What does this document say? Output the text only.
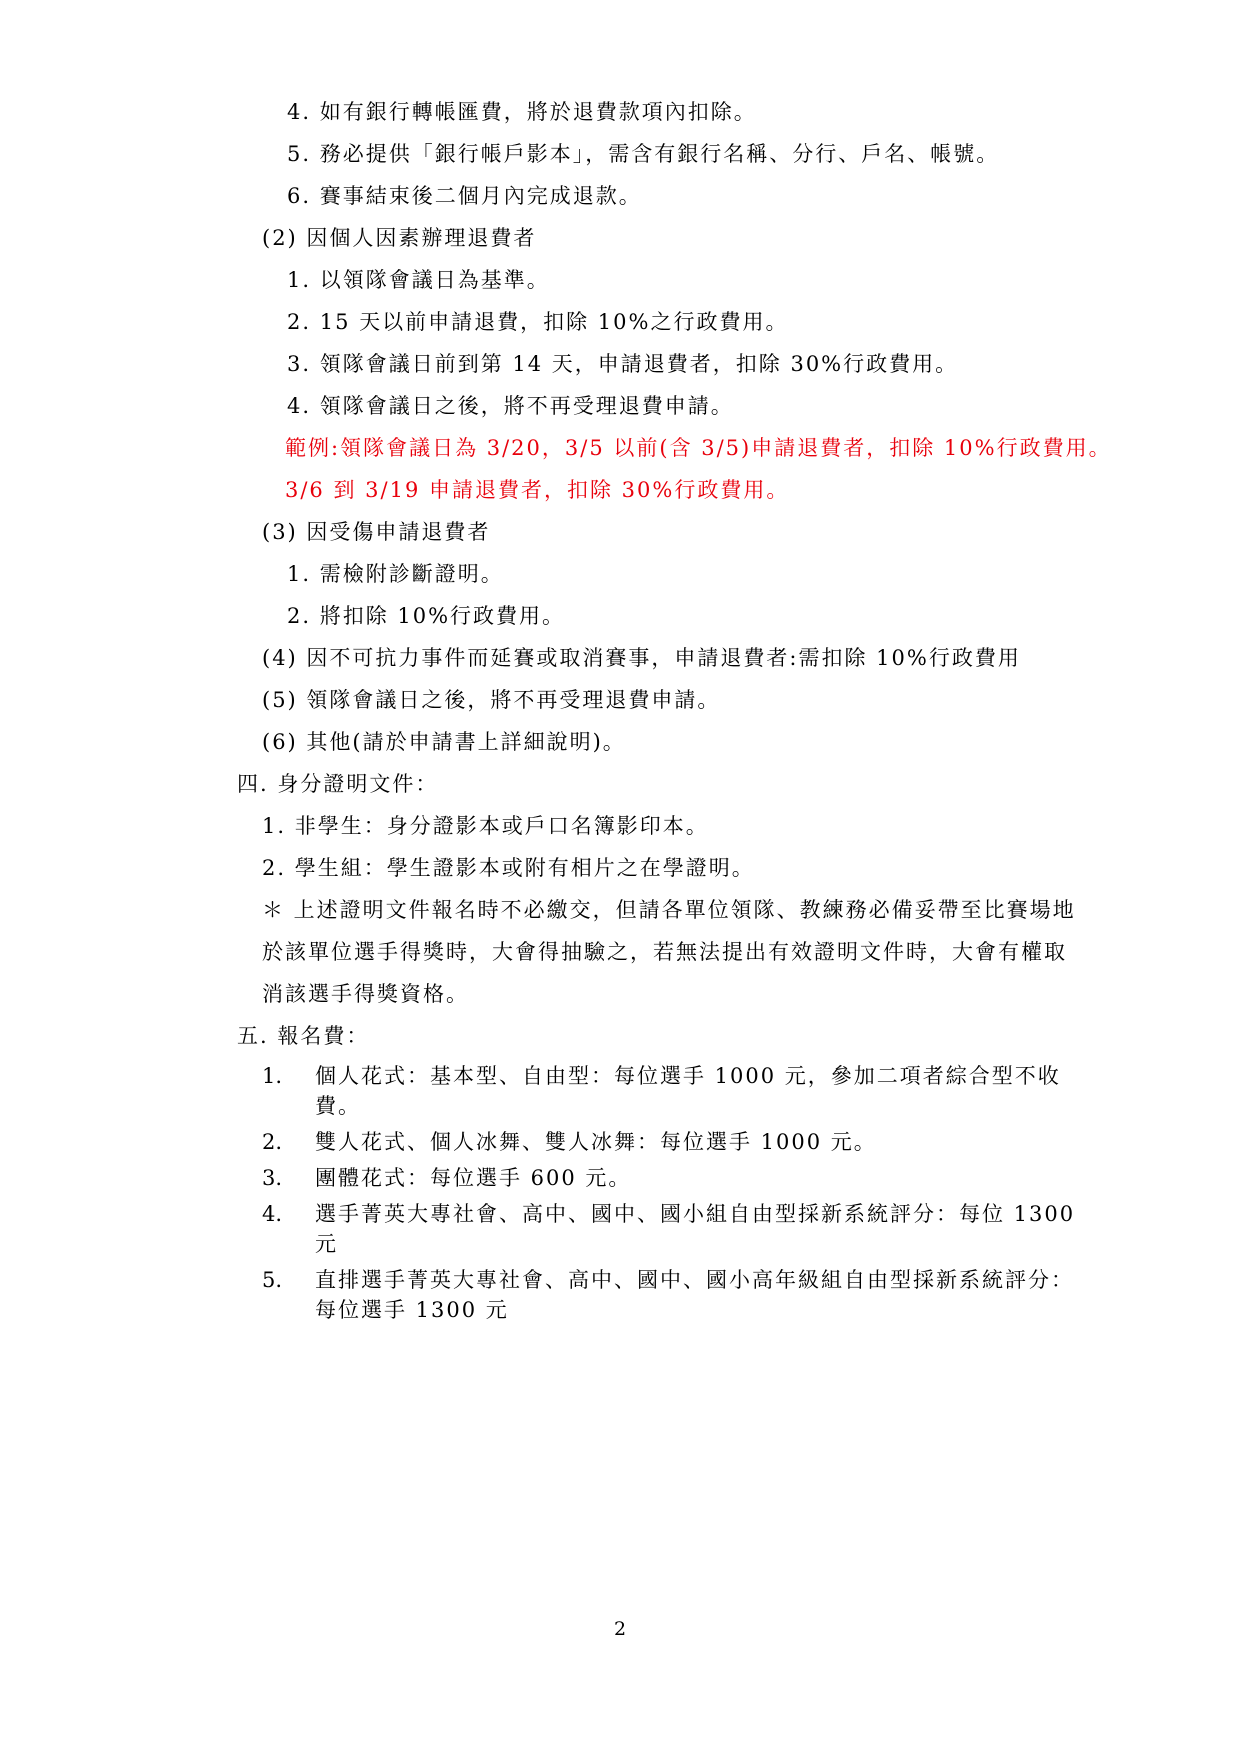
4. 如有銀行轉帳匯費，將於退費款項內扣除。
5. 務必提供「銀行帳戶影本」，需含有銀行名稱、分行、戶名、帳號。
6. 賽事結束後二個月內完成退款。
(2) 因個人因素辦理退費者
1. 以領隊會議日為基準。
2. 15 天以前申請退費，扣除 10%之行政費用。
3. 領隊會議日前到第 14 天，申請退費者，扣除 30%行政費用。
4. 領隊會議日之後，將不再受理退費申請。
範例:領隊會議日為 3/20，3/5 以前(含 3/5)申請退費者，扣除 10%行政費用。
3/6 到 3/19 申請退費者，扣除 30%行政費用。
(3) 因受傷申請退費者
1. 需檢附診斷證明。
2. 將扣除 10%行政費用。
(4) 因不可抗力事件而延賽或取消賽事，申請退費者:需扣除 10%行政費用
(5) 領隊會議日之後，將不再受理退費申請。
(6) 其他(請於申請書上詳細說明)。
四. 身分證明文件：
1. 非學生：身分證影本或戶口名簿影印本。
2. 學生組：學生證影本或附有相片之在學證明。
＊ 上述證明文件報名時不必繳交，但請各單位領隊、教練務必備妥帶至比賽場地
於該單位選手得獎時，大會得抽驗之，若無法提出有效證明文件時，大會有權取
消該選手得獎資格。
五. 報名費：
1. 個人花式：基本型、自由型：每位選手 1000 元，參加二項者綜合型不收
費。
2. 雙人花式、個人冰舞、雙人冰舞：每位選手 1000 元。
3. 團體花式：每位選手 600 元。
4. 選手菁英大專社會、高中、國中、國小組自由型採新系統評分：每位 1300
元
5. 直排選手菁英大專社會、高中、國中、國小高年級組自由型採新系統評分：
每位選手 1300 元
2
